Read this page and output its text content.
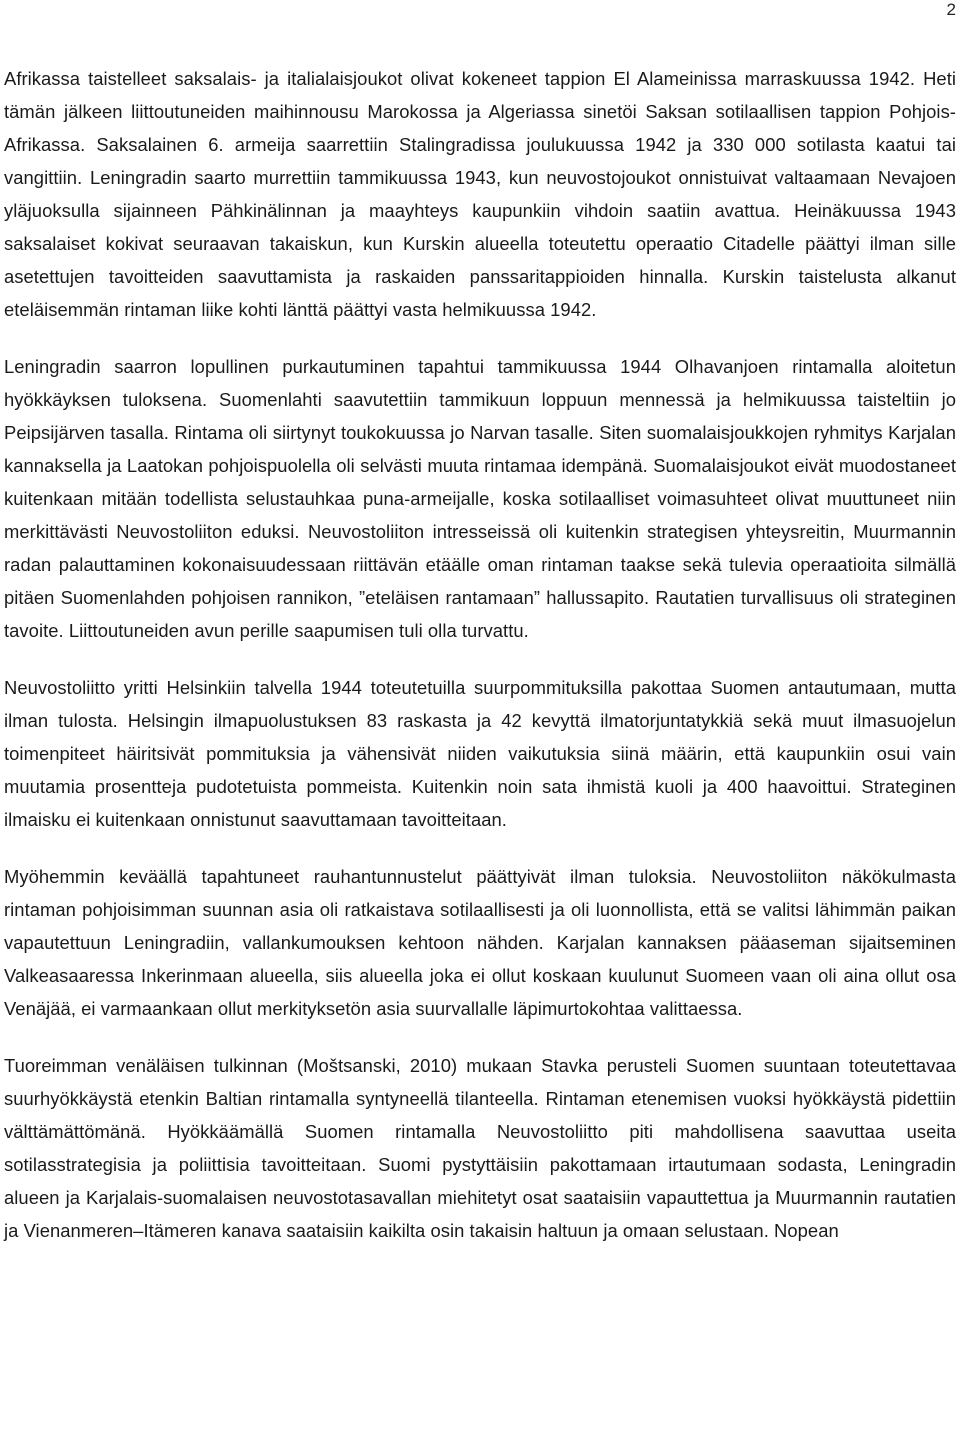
2

Afrikassa taistelleet saksalais- ja italialaisjoukot olivat kokeneet tappion El Alameinissa marraskuussa 1942. Heti tämän jälkeen liittoutuneiden maihinnousu Marokossa ja Algeriassa sinetöi Saksan sotilaallisen tappion Pohjois-Afrikassa. Saksalainen 6. armeija saarrettiin Stalingradissa joulukuussa 1942 ja 330 000 sotilasta kaatui tai vangittiin. Leningradin saarto murrettiin tammikuussa 1943, kun neuvostojoukot onnistuivat valtaamaan Nevajoen yläjuoksulla sijainneen Pähkinälinnan ja maayhteys kaupunkiin vihdoin saatiin avattua. Heinäkuussa 1943 saksalaiset kokivat seuraavan takaiskun, kun Kurskin alueella toteutettu operaatio Citadelle päättyi ilman sille asetettujen tavoitteiden saavuttamista ja raskaiden panssaritappioiden hinnalla. Kurskin taistelusta alkanut eteläisemmän rintaman liike kohti länttä päättyi vasta helmikuussa 1942.

Leningradin saarron lopullinen purkautuminen tapahtui tammikuussa 1944 Olhavanjoen rintamalla aloitetun hyökkäyksen tuloksena. Suomenlahti saavutettiin tammikuun loppuun mennessä ja helmikuussa taisteltiin jo Peipsijärven tasalla. Rintama oli siirtynyt toukokuussa jo Narvan tasalle. Siten suomalaisjoukkojen ryhmitys Karjalan kannaksella ja Laatokan pohjoispuolella oli selvästi muuta rintamaa idempänä. Suomalaisjoukot eivät muodostaneet kuitenkaan mitään todellista selustauhkaa puna-armeijalle, koska sotilaalliset voimasuhteet olivat muuttuneet niin merkittävästi Neuvostoliiton eduksi. Neuvostoliiton intresseissä oli kuitenkin strategisen yhteysreitin, Muurmannin radan palauttaminen kokonaisuudessaan riittävän etäälle oman rintaman taakse sekä tulevia operaatioita silmällä pitäen Suomenlahden pohjoisen rannikon, ”eteläisen rantamaan” hallussapito. Rautatien turvallisuus oli strateginen tavoite. Liittoutuneiden avun perille saapumisen tuli olla turvattu.

Neuvostoliitto yritti Helsinkiin talvella 1944 toteutetuilla suurpommituksilla pakottaa Suomen antautumaan, mutta ilman tulosta. Helsingin ilmapuolustuksen 83 raskasta ja 42 kevyttä ilmatorjuntatykkiä sekä muut ilmasuojelun toimenpiteet häiritsivät pommituksia ja vähensivät niiden vaikutuksia siinä määrin, että kaupunkiin osui vain muutamia prosentteja pudotetuista pommeista. Kuitenkin noin sata ihmistä kuoli ja 400 haavoittui. Strateginen ilmaisku ei kuitenkaan onnistunut saavuttamaan tavoitteitaan.

Myöhemmin keväällä tapahtuneet rauhantunnustelut päättyivät ilman tuloksia. Neuvostoliiton näkökulmasta rintaman pohjoisimman suunnan asia oli ratkaistava sotilaallisesti ja oli luonnollista, että se valitsi lähimmän paikan vapautettuun Leningradiin, vallankumouksen kehtoon nähden. Karjalan kannaksen pääaseman sijaitseminen Valkeasaaressa Inkerinmaan alueella, siis alueella joka ei ollut koskaan kuulunut Suomeen vaan oli aina ollut osa Venäjää, ei varmaankaan ollut merkityksetön asia suurvallalle läpimurtokohtaa valittaessa.

Tuoreimman venäläisen tulkinnan (Moštsanski, 2010) mukaan Stavka perusteli Suomen suuntaan toteutettavaa suurhyökkäystä etenkin Baltian rintamalla syntyneellä tilanteella. Rintaman etenemisen vuoksi hyökkäystä pidettiin välttämättömänä. Hyökkäämällä Suomen rintamalla Neuvostoliitto piti mahdollisena saavuttaa useita sotilasstrategisia ja poliittisia tavoitteitaan. Suomi pystyttäisiin pakottamaan irtautumaan sodasta, Leningradin alueen ja Karjalais-suomalaisen neuvostotasavallan miehitetyt osat saataisiin vapauttettua ja Muurmannin rautatien ja Vienanmeren–Itämeren kanava saataisiin kaikilta osin takaisin haltuun ja omaan selustaan. Nopean
